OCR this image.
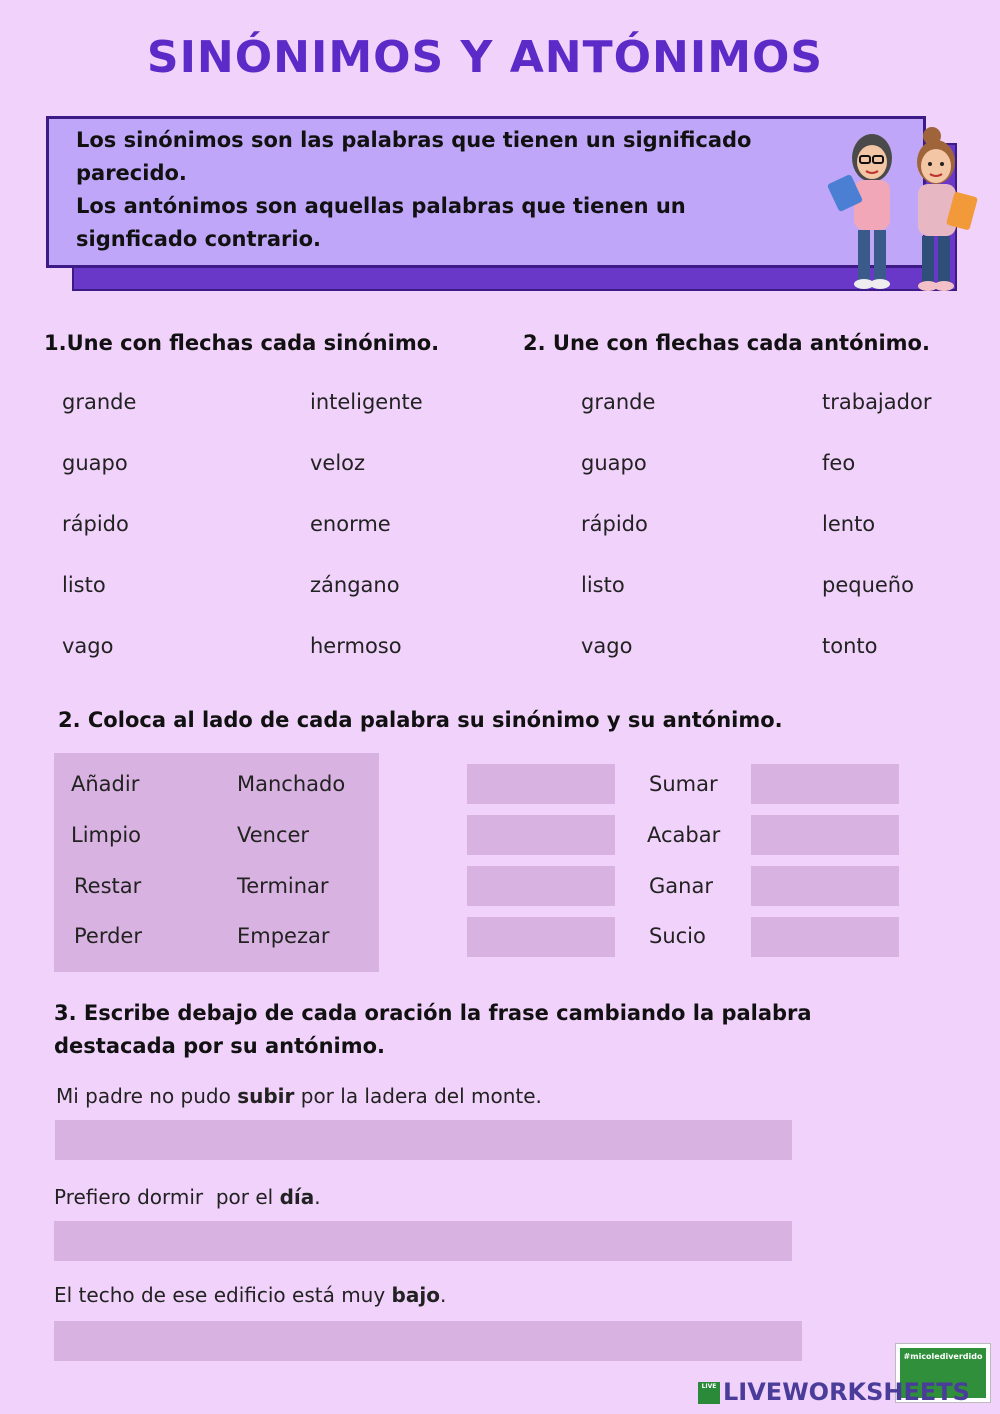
SINÓNIMOS Y ANTÓNIMOS
Los sinónimos son las palabras que tienen un significado
parecido.
Los antónimos son aquellas palabras que tienen un
signficado contrario.
1.Une con flechas cada sinónimo.	2. Une con flechas cada antónimo.
grande
guapo
rápido
listo
vago
inteligente
veloz
enorme
zángano
hermoso
grande
guapo
rápido
listo
vago
trabajador
feo
lento
pequeño
tonto
2. Coloca al lado de cada palabra su sinónimo y su antónimo.
Añadir
Limpio
Restar
Perder
Manchado
Vencer
Terminar
Empezar
Sumar
Acabar
Ganar
Sucio
3. Escribe debajo de cada oración la frase cambiando la palabra
destacada por su antónimo.
Mi padre no pudo subir por la ladera del monte.
Prefiero dormir  por el día.
El techo de ese edificio está muy bajo.
#micolediverdido
LIVE LIVEWORKSHEETS
